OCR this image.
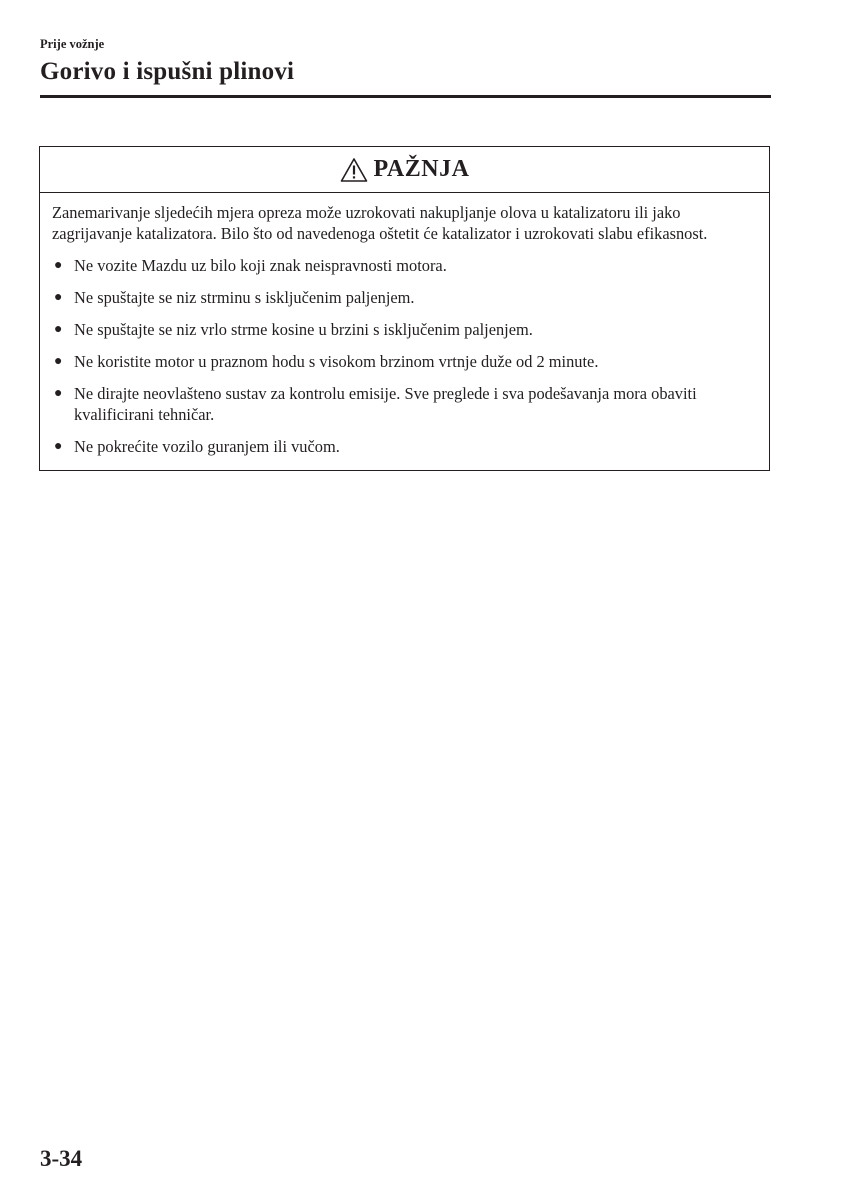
Prije vožnje
Gorivo i ispušni plinovi
PAŽNJA

Zanemarivanje sljedećih mjera opreza može uzrokovati nakupljanje olova u katalizatoru ili jako zagrijavanje katalizatora. Bilo što od navedenoga oštetit će katalizator i uzrokovati slabu efikasnost.

● Ne vozite Mazdu uz bilo koji znak neispravnosti motora.
● Ne spuštajte se niz strminu s isključenim paljenjem.
● Ne spuštajte se niz vrlo strme kosine u brzini s isključenim paljenjem.
● Ne koristite motor u praznom hodu s visokom brzinom vrtnje duže od 2 minute.
● Ne dirajte neovlašteno sustav za kontrolu emisije. Sve preglede i sva podešavanja mora obaviti kvalificirani tehničar.
● Ne pokrećite vozilo guranjem ili vučom.
3-34
